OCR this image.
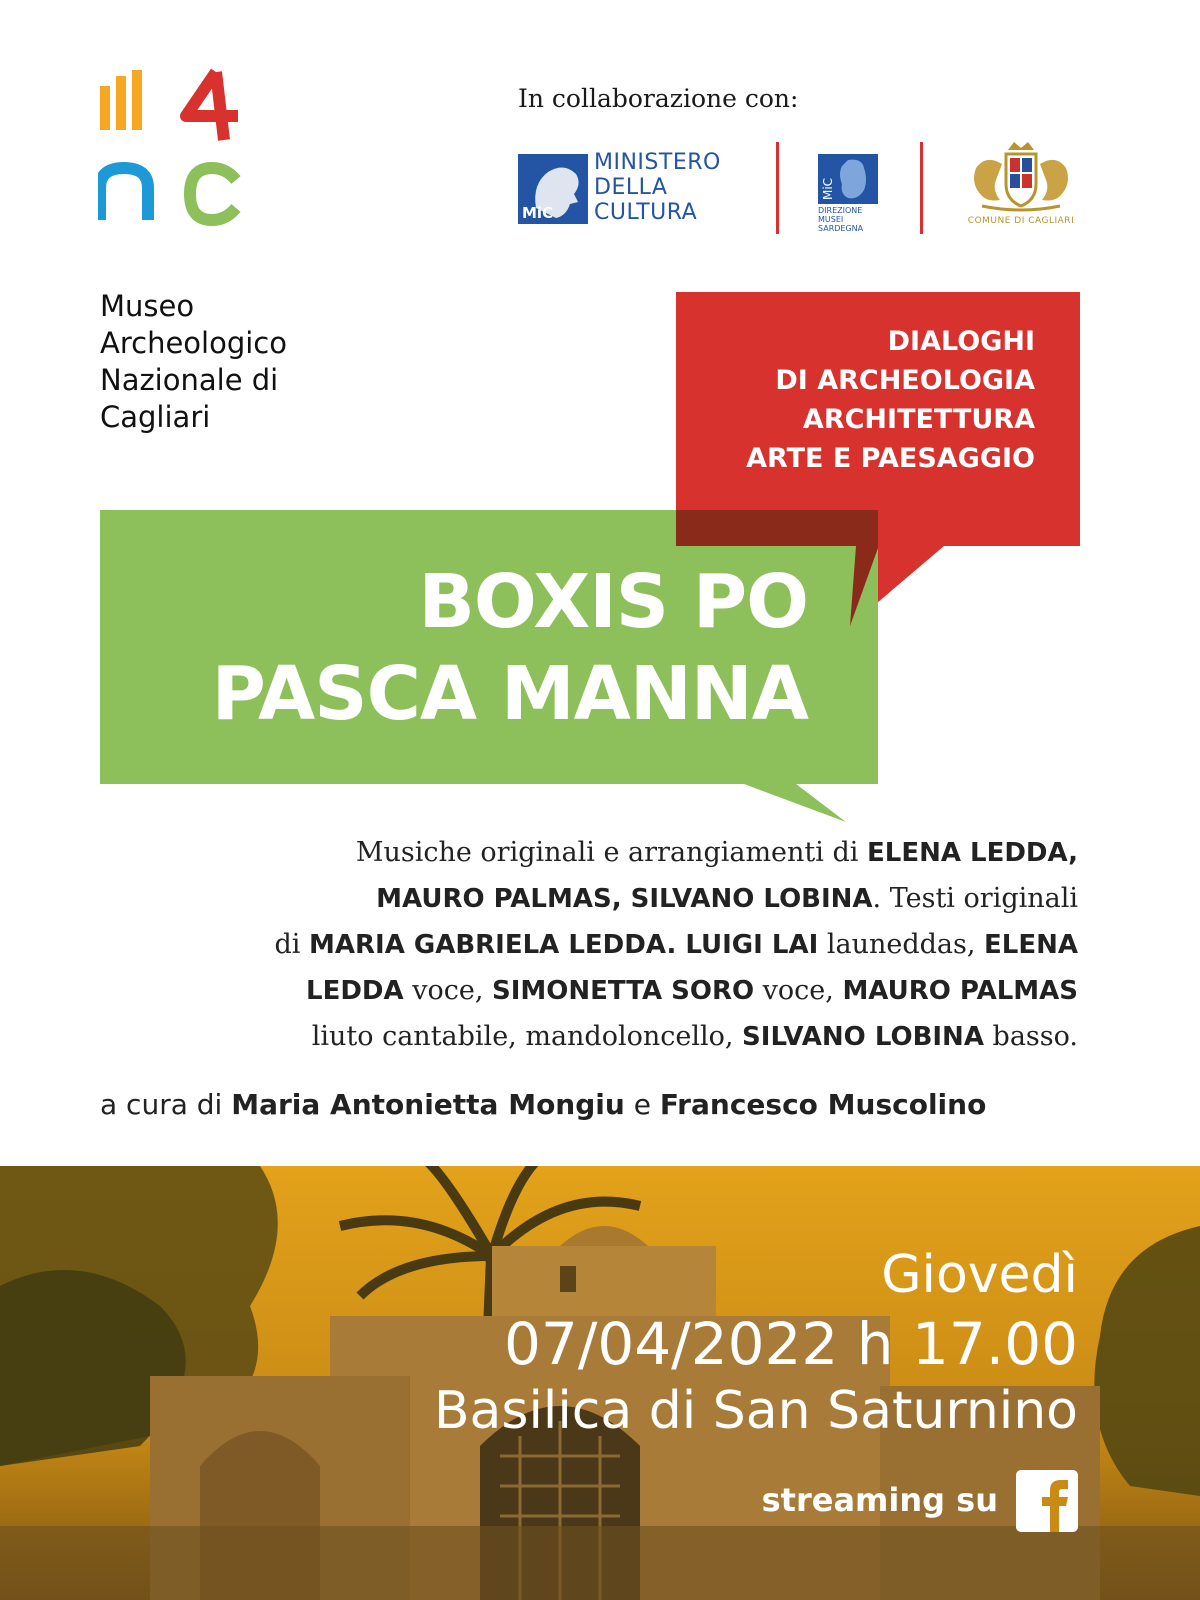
In collaborazione con:
MiC
MINISTERO
DELLA
CULTURA
MiC
DIREZIONE MUSEI
SARDEGNA
COMUNE DI CAGLIARI
Museo
Archeologico
Nazionale di
Cagliari
DIALOGHI
DI ARCHEOLOGIA
ARCHITETTURA
ARTE E PAESAGGIO
BOXIS PO
PASCA MANNA
Musiche originali e arrangiamenti di ELENA LEDDA,
MAURO PALMAS, SILVANO LOBINA. Testi originali
di MARIA GABRIELA LEDDA. LUIGI LAI launeddas, ELENA
LEDDA voce, SIMONETTA SORO voce, MAURO PALMAS
liuto cantabile, mandoloncello, SILVANO LOBINA basso.
a cura di Maria Antonietta Mongiu e Francesco Muscolino
Giovedì
07/04/2022 h 17.00
Basilica di San Saturnino
streaming su
